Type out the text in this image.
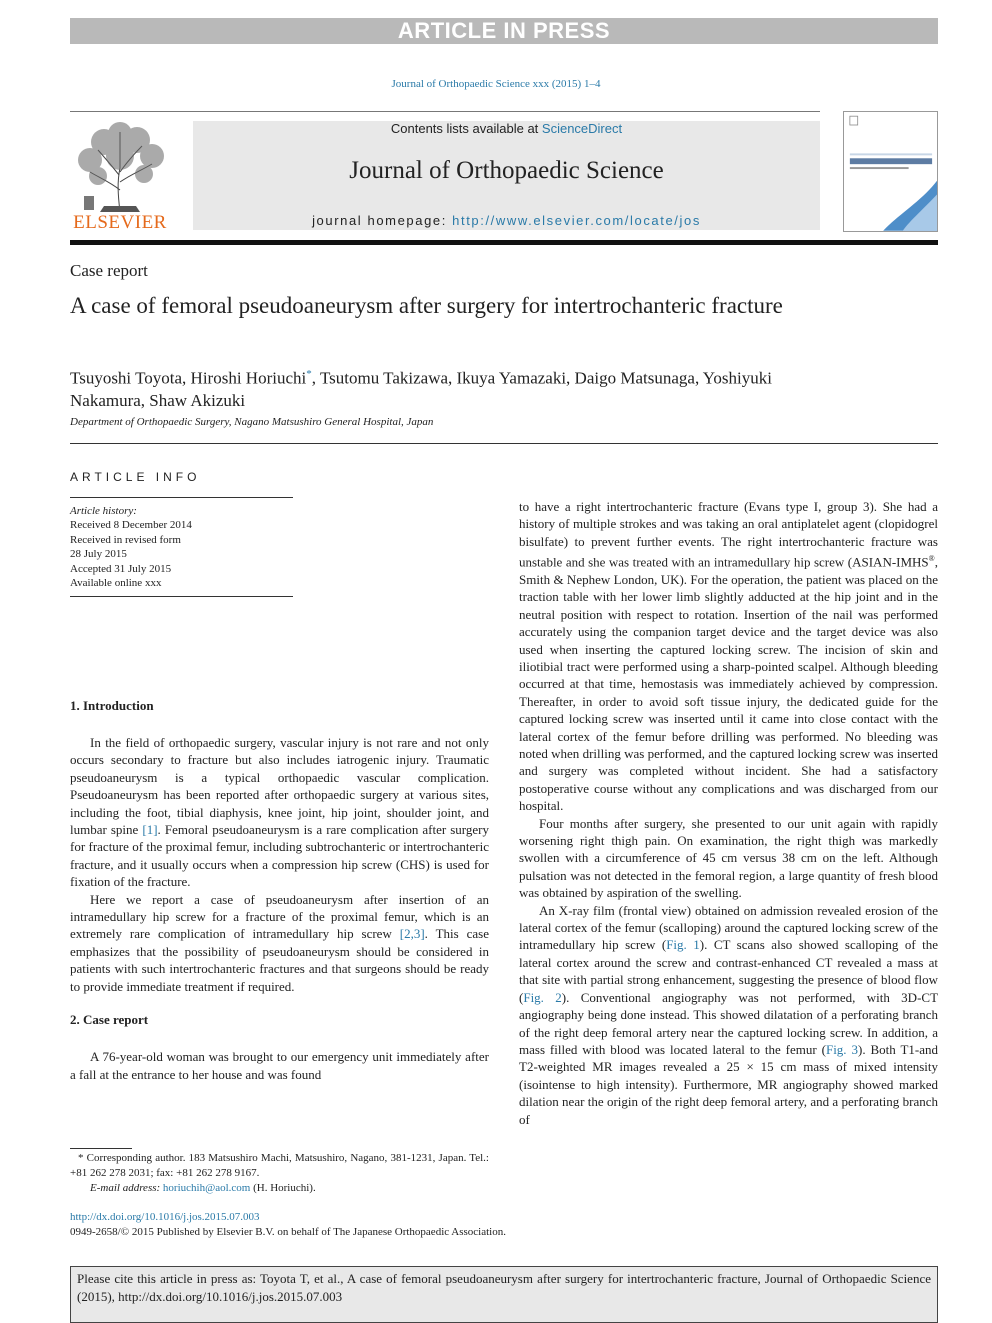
ARTICLE IN PRESS
Journal of Orthopaedic Science xxx (2015) 1–4
ELSEVIER
Contents lists available at ScienceDirect
Journal of Orthopaedic Science
journal homepage: http://www.elsevier.com/locate/jos
Case report
A case of femoral pseudoaneurysm after surgery for intertrochanteric fracture
Tsuyoshi Toyota, Hiroshi Horiuchi*, Tsutomu Takizawa, Ikuya Yamazaki, Daigo Matsunaga, Yoshiyuki Nakamura, Shaw Akizuki
Department of Orthopaedic Surgery, Nagano Matsushiro General Hospital, Japan
ARTICLE INFO
Article history:
Received 8 December 2014
Received in revised form
28 July 2015
Accepted 31 July 2015
Available online xxx
1. Introduction

In the field of orthopaedic surgery, vascular injury is not rare and not only occurs secondary to fracture but also includes iatrogenic injury. Traumatic pseudoaneurysm is a typical orthopaedic vascular complication. Pseudoaneurysm has been reported after orthopaedic surgery at various sites, including the foot, tibial diaphysis, knee joint, hip joint, shoulder joint, and lumbar spine [1]. Femoral pseudoaneurysm is a rare complication after surgery for fracture of the proximal femur, including subtrochanteric or intertrochanteric fracture, and it usually occurs when a compression hip screw (CHS) is used for fixation of the fracture.

Here we report a case of pseudoaneurysm after insertion of an intramedullary hip screw for a fracture of the proximal femur, which is an extremely rare complication of intramedullary hip screw [2,3]. This case emphasizes that the possibility of pseudoaneurysm should be considered in patients with such intertrochanteric fractures and that surgeons should be ready to provide immediate treatment if required.

2. Case report

A 76-year-old woman was brought to our emergency unit immediately after a fall at the entrance to her house and was found

to have a right intertrochanteric fracture (Evans type I, group 3). She had a history of multiple strokes and was taking an oral antiplatelet agent (clopidogrel bisulfate) to prevent further events. The right intertrochanteric fracture was unstable and she was treated with an intramedullary hip screw (ASIAN-IMHS®, Smith & Nephew London, UK). For the operation, the patient was placed on the traction table with her lower limb slightly adducted at the hip joint and in the neutral position with respect to rotation. Insertion of the nail was performed accurately using the companion target device and the target device was also used when inserting the captured locking screw. The incision of skin and iliotibial tract were performed using a sharp-pointed scalpel. Although bleeding occurred at that time, hemostasis was immediately achieved by compression. Thereafter, in order to avoid soft tissue injury, the dedicated guide for the captured locking screw was inserted until it came into close contact with the lateral cortex of the femur before drilling was performed. No bleeding was noted when drilling was performed, and the captured locking screw was inserted and surgery was completed without incident. She had a satisfactory postoperative course without any complications and was discharged from our hospital.

Four months after surgery, she presented to our unit again with rapidly worsening right thigh pain. On examination, the right thigh was markedly swollen with a circumference of 45 cm versus 38 cm on the left. Although pulsation was not detected in the femoral region, a large quantity of fresh blood was obtained by aspiration of the swelling.

An X-ray film (frontal view) obtained on admission revealed erosion of the lateral cortex of the femur (scalloping) around the captured locking screw of the intramedullary hip screw (Fig. 1). CT scans also showed scalloping of the lateral cortex around the screw and contrast-enhanced CT revealed a mass at that site with partial strong enhancement, suggesting the presence of blood flow (Fig. 2). Conventional angiography was not performed, with 3D-CT angiography being done instead. This showed dilatation of a perforating branch of the right deep femoral artery near the captured locking screw. In addition, a mass filled with blood was located lateral to the femur (Fig. 3). Both T1-and T2-weighted MR images revealed a 25 × 15 cm mass of mixed intensity (isointense to high intensity). Furthermore, MR angiography showed marked dilation near the origin of the right deep femoral artery, and a perforating branch of

* Corresponding author. 183 Matsushiro Machi, Matsushiro, Nagano, 381-1231, Japan. Tel.: +81 262 278 2031; fax: +81 262 278 9167.
E-mail address: horiuchih@aol.com (H. Horiuchi).
http://dx.doi.org/10.1016/j.jos.2015.07.003
0949-2658/© 2015 Published by Elsevier B.V. on behalf of The Japanese Orthopaedic Association.
Please cite this article in press as: Toyota T, et al., A case of femoral pseudoaneurysm after surgery for intertrochanteric fracture, Journal of Orthopaedic Science (2015), http://dx.doi.org/10.1016/j.jos.2015.07.003
